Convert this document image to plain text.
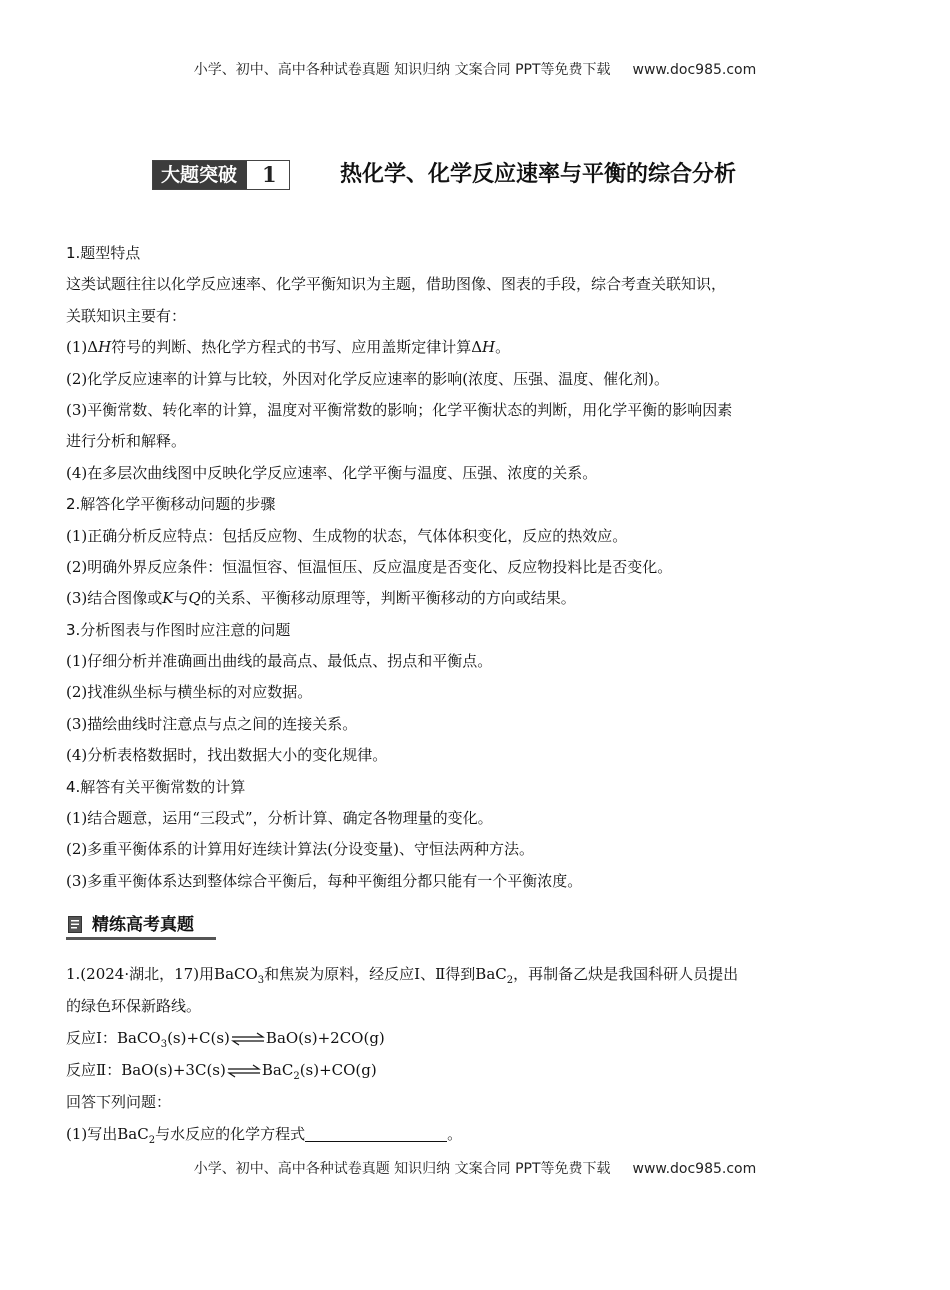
小学、初中、高中各种试卷真题 知识归纳 文案合同 PPT等免费下载 www.doc985.com
大题突破	1	热化学、化学反应速率与平衡的综合分析
1.题型特点
这类试题往往以化学反应速率、化学平衡知识为主题，借助图像、图表的手段，综合考查关联知识，
关联知识主要有：
(1)ΔH符号的判断、热化学方程式的书写、应用盖斯定律计算ΔH。
(2)化学反应速率的计算与比较，外因对化学反应速率的影响(浓度、压强、温度、催化剂)。
(3)平衡常数、转化率的计算，温度对平衡常数的影响；化学平衡状态的判断，用化学平衡的影响因素
进行分析和解释。
(4)在多层次曲线图中反映化学反应速率、化学平衡与温度、压强、浓度的关系。
2.解答化学平衡移动问题的步骤
(1)正确分析反应特点：包括反应物、生成物的状态，气体体积变化，反应的热效应。
(2)明确外界反应条件：恒温恒容、恒温恒压、反应温度是否变化、反应物投料比是否变化。
(3)结合图像或K与Q的关系、平衡移动原理等，判断平衡移动的方向或结果。
3.分析图表与作图时应注意的问题
(1)仔细分析并准确画出曲线的最高点、最低点、拐点和平衡点。
(2)找准纵坐标与横坐标的对应数据。
(3)描绘曲线时注意点与点之间的连接关系。
(4)分析表格数据时，找出数据大小的变化规律。
4.解答有关平衡常数的计算
(1)结合题意，运用“三段式”，分析计算、确定各物理量的变化。
(2)多重平衡体系的计算用好连续计算法(分设变量)、守恒法两种方法。
(3)多重平衡体系达到整体综合平衡后，每种平衡组分都只能有一个平衡浓度。
精练高考真题
1.(2024·湖北，17)用BaCO$_3$和焦炭为原料，经反应Ⅰ、Ⅱ得到BaC$_2$，再制备乙炔是我国科研人员提出
的绿色环保新路线。
反应Ⅰ：BaCO$_3$(s)+C(s)⇌BaO(s)+2CO(g)
反应Ⅱ：BaO(s)+3C(s)⇌BaC$_2$(s)+CO(g)
回答下列问题：
(1)写出BaC$_2$与水反应的化学方程式	。
小学、初中、高中各种试卷真题 知识归纳 文案合同 PPT等免费下载 www.doc985.com
